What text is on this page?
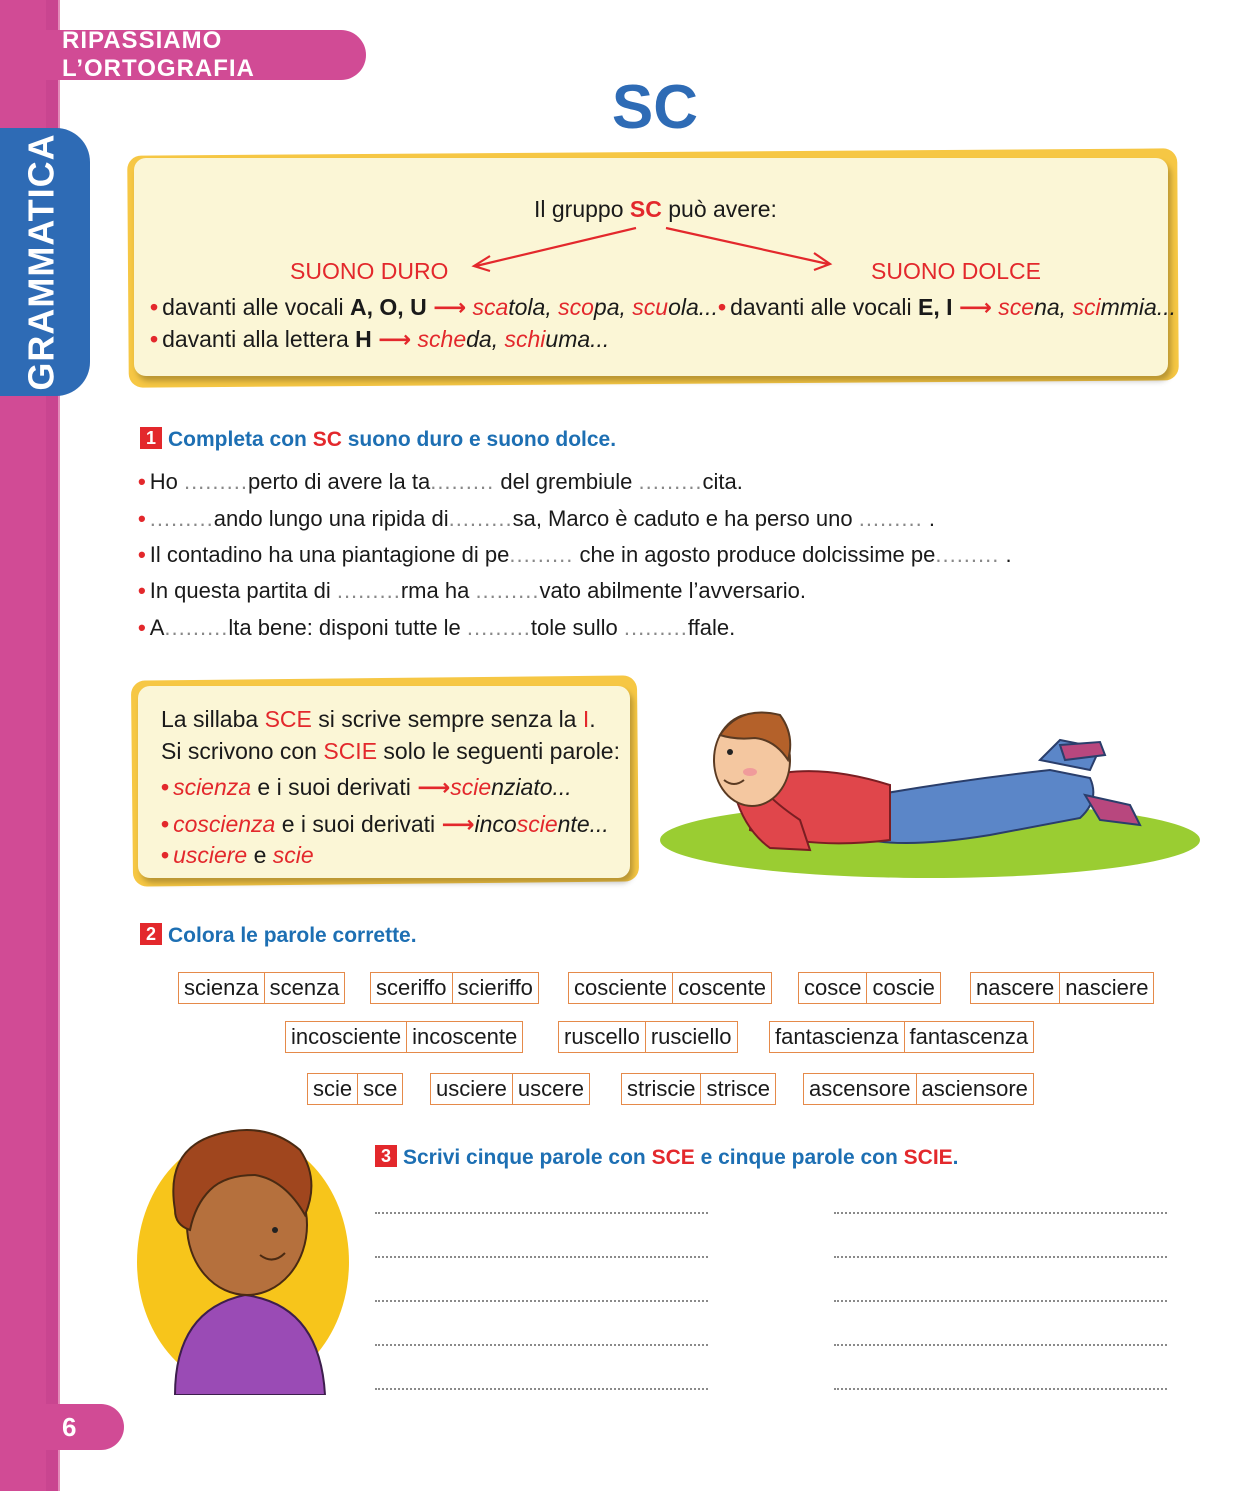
RIPASSIAMO L’ORTOGRAFIA
GRAMMATICA
6
SC
Il gruppo SC può avere:
SUONO DURO	SUONO DOLCE
• davanti alle vocali A, O, U ⟶ scatola, scopa, scuola...
• davanti alla lettera H ⟶ scheda, schiuma...
• davanti alle vocali E, I ⟶ scena, scimmia...
1 Completa con SC suono duro e suono dolce.
• Ho .........perto di avere la ta......... del grembiule .........cita.
• .........ando lungo una ripida di.........sa, Marco è caduto e ha perso uno ......... .
• Il contadino ha una piantagione di pe......... che in agosto produce dolcissime pe......... .
• In questa partita di .........rma ha .........vato abilmente l’avversario.
• A.........lta bene: disponi tutte le .........tole sullo .........ffale.
La sillaba SCE si scrive sempre senza la I.
Si scrivono con SCIE solo le seguenti parole:
• scienza e i suoi derivati ⟶scienziato...
• coscienza e i suoi derivati ⟶incosciente...
• usciere e scie
2 Colora le parole corrette.
scienza scenza sceriffo scieriffo cosciente coscente cosce coscie nascere nasciere
incosciente incoscente ruscello rusciello fantascienza fantascenza
scie sce usciere uscere striscie strisce ascensore asciensore
3 Scrivi cinque parole con SCE e cinque parole con SCIE.
